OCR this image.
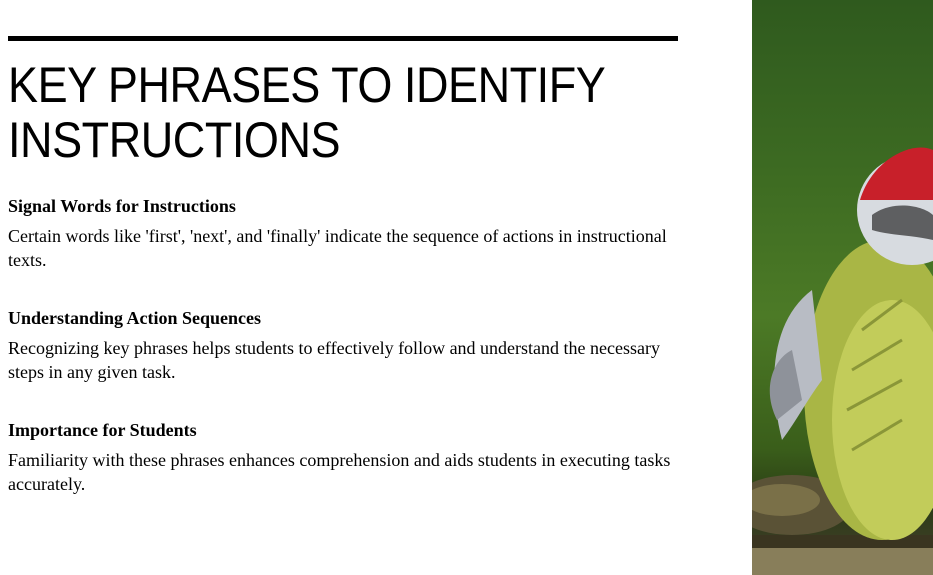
KEY PHRASES TO IDENTIFY INSTRUCTIONS

Signal Words for Instructions

Certain words like 'first', 'next', and 'finally' indicate the sequence of actions in instructional texts.

Understanding Action Sequences

Recognizing key phrases helps students to effectively follow and understand the necessary steps in any given task.

Importance for Students

Familiarity with these phrases enhances comprehension and aids students in executing tasks accurately.
